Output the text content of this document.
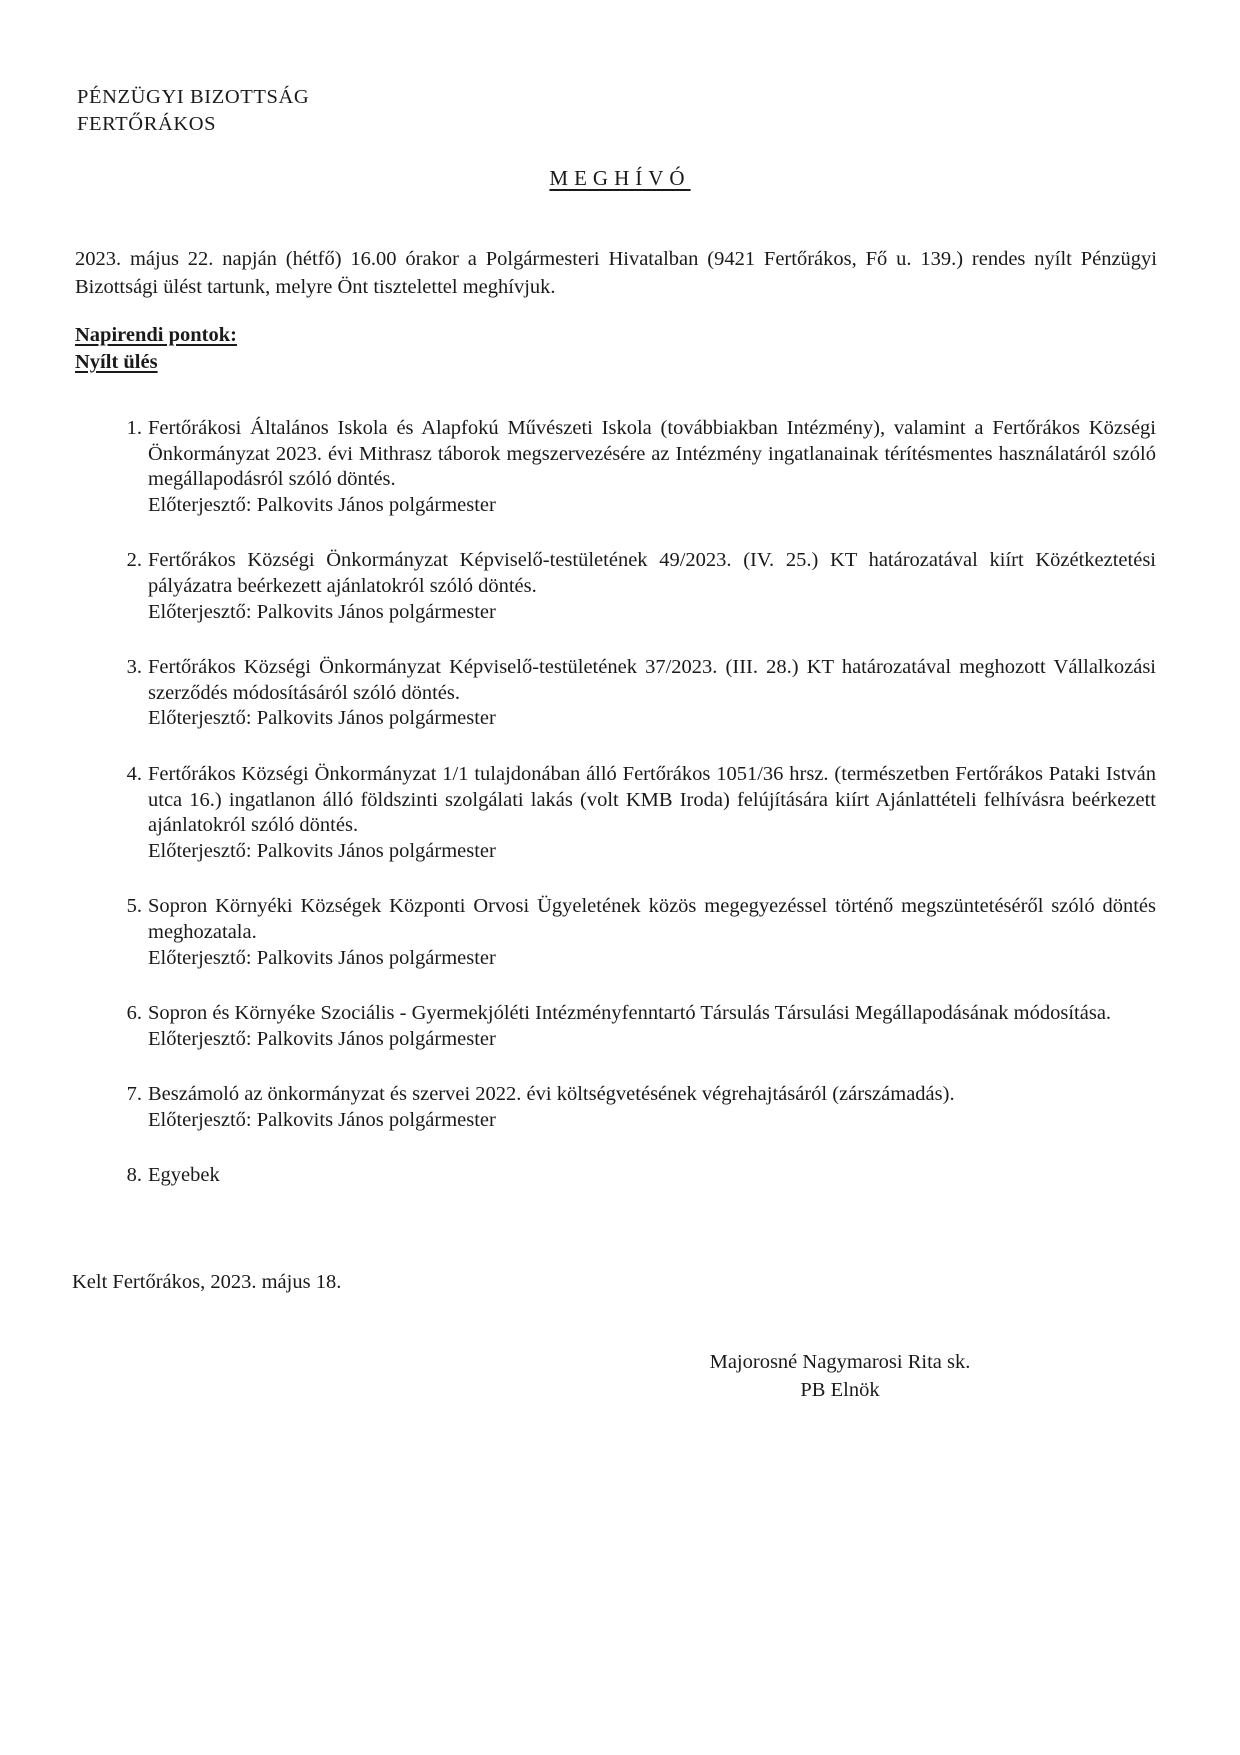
PÉNZÜGYI BIZOTTSÁG
FERTŐRÁKOS
MEGHÍVÓ
2023. május 22. napján (hétfő) 16.00 órakor a Polgármesteri Hivatalban (9421 Fertőrákos, Fő u. 139.) rendes nyílt Pénzügyi Bizottsági ülést tartunk, melyre Önt tisztelettel meghívjuk.
Napirendi pontok:
Nyílt ülés
1. Fertőrákosi Általános Iskola és Alapfokú Művészeti Iskola (továbbiakban Intézmény), valamint a Fertőrákos Községi Önkormányzat 2023. évi Mithrasz táborok megszervezésére az Intézmény ingatlanainak térítésmentes használatáról szóló megállapodásról szóló döntés.
Előterjesztő: Palkovits János polgármester
2. Fertőrákos Községi Önkormányzat Képviselő-testületének 49/2023. (IV. 25.) KT határozatával kiírt Közétkeztetési pályázatra beérkezett ajánlatokról szóló döntés.
Előterjesztő: Palkovits János polgármester
3. Fertőrákos Községi Önkormányzat Képviselő-testületének 37/2023. (III. 28.) KT határozatával meghozott Vállalkozási szerződés módosításáról szóló döntés.
Előterjesztő: Palkovits János polgármester
4. Fertőrákos Községi Önkormányzat 1/1 tulajdonában álló Fertőrákos 1051/36 hrsz. (természetben Fertőrákos Pataki István utca 16.) ingatlanon álló földszinti szolgálati lakás (volt KMB Iroda) felújítására kiírt Ajánlattételi felhívásra beérkezett ajánlatokról szóló döntés.
Előterjesztő: Palkovits János polgármester
5. Sopron Környéki Községek Központi Orvosi Ügyeletének közös megegyezéssel történő megszüntetéséről szóló döntés meghozatala.
Előterjesztő: Palkovits János polgármester
6. Sopron és Környéke Szociális - Gyermekjóléti Intézményfenntartó Társulás Társulási Megállapodásának módosítása.
Előterjesztő: Palkovits János polgármester
7. Beszámoló az önkormányzat és szervei 2022. évi költségvetésének végrehajtásáról (zárszámadás).
Előterjesztő: Palkovits János polgármester
8. Egyebek
Kelt Fertőrákos, 2023. május 18.
Majorosné Nagymarosi Rita sk.
PB Elnök
